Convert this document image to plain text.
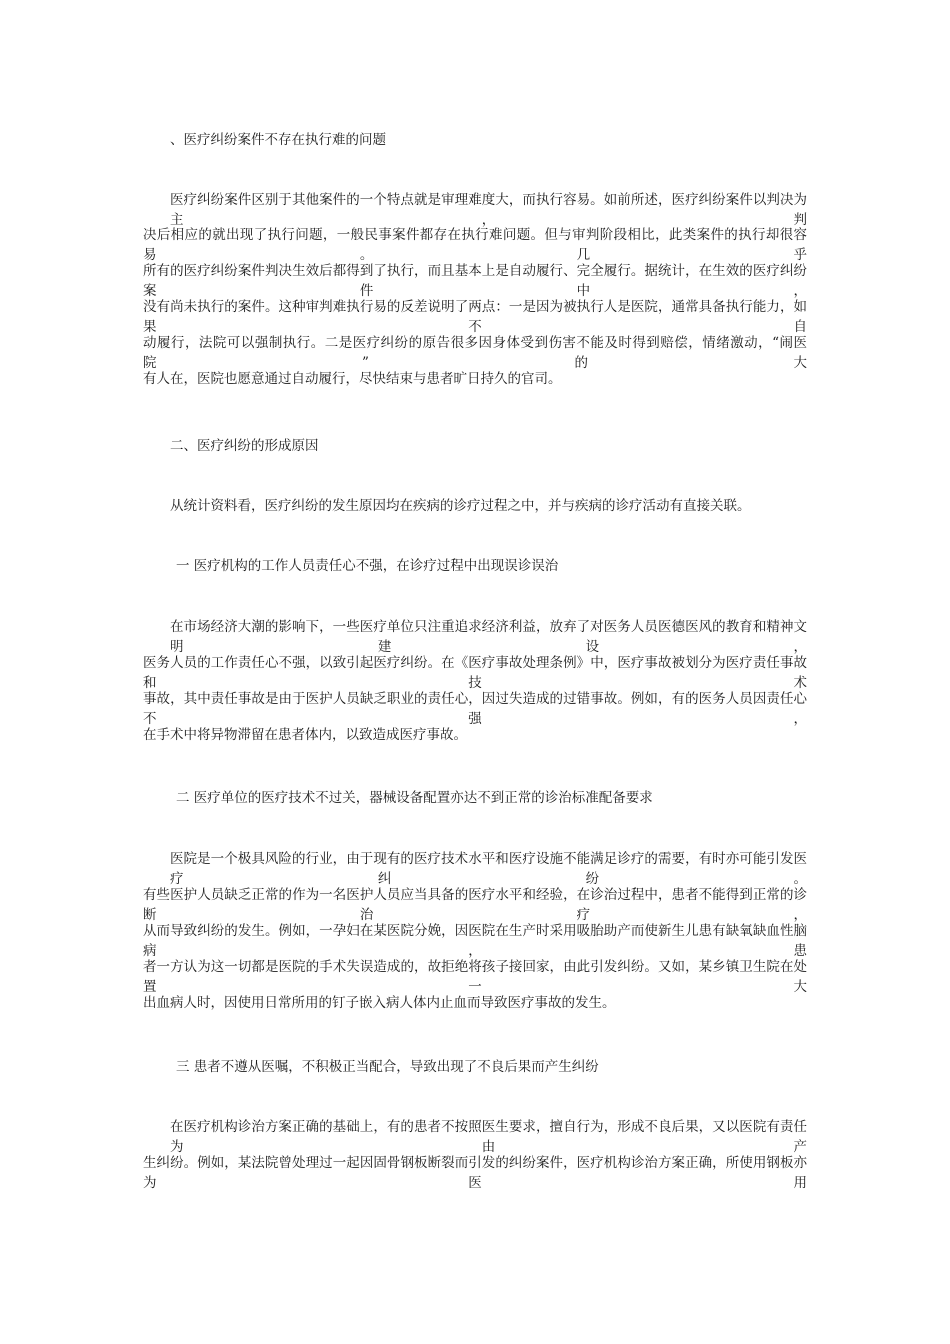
、医疗纠纷案件不存在执行难的问题
医疗纠纷案件区别于其他案件的一个特点就是审理难度大，而执行容易。如前所述，医疗纠纷案件以判决为主，判
决后相应的就出现了执行问题，一般民事案件都存在执行难问题。但与审判阶段相比，此类案件的执行却很容易。几乎
所有的医疗纠纷案件判决生效后都得到了执行，而且基本上是自动履行、完全履行。据统计，在生效的医疗纠纷案件中，
没有尚未执行的案件。这种审判难执行易的反差说明了两点：一是因为被执行人是医院，通常具备执行能力，如果不自
动履行，法院可以强制执行。二是医疗纠纷的原告很多因身体受到伤害不能及时得到赔偿，情绪激动，“闹医院”的大
有人在，医院也愿意通过自动履行，尽快结束与患者旷日持久的官司。
二、医疗纠纷的形成原因
从统计资料看，医疗纠纷的发生原因均在疾病的诊疗过程之中，并与疾病的诊疗活动有直接关联。
一 医疗机构的工作人员责任心不强，在诊疗过程中出现误诊误治
在市场经济大潮的影响下，一些医疗单位只注重追求经济利益，放弃了对医务人员医德医风的教育和精神文明建设，
医务人员的工作责任心不强，以致引起医疗纠纷。在《医疗事故处理条例》中，医疗事故被划分为医疗责任事故和技术
事故，其中责任事故是由于医护人员缺乏职业的责任心，因过失造成的过错事故。例如，有的医务人员因责任心不强，
在手术中将异物滞留在患者体内，以致造成医疗事故。
二 医疗单位的医疗技术不过关，器械设备配置亦达不到正常的诊治标准配备要求
医院是一个极具风险的行业，由于现有的医疗技术水平和医疗设施不能满足诊疗的需要，有时亦可能引发医疗纠纷。
有些医护人员缺乏正常的作为一名医护人员应当具备的医疗水平和经验，在诊治过程中，患者不能得到正常的诊断治疗，
从而导致纠纷的发生。例如，一孕妇在某医院分娩，因医院在生产时采用吸胎助产而使新生儿患有缺氧缺血性脑病，患
者一方认为这一切都是医院的手术失误造成的，故拒绝将孩子接回家，由此引发纠纷。又如，某乡镇卫生院在处置一大
出血病人时，因使用日常所用的钉子嵌入病人体内止血而导致医疗事故的发生。
三 患者不遵从医嘱，不积极正当配合，导致出现了不良后果而产生纠纷
在医疗机构诊治方案正确的基础上，有的患者不按照医生要求，擅自行为，形成不良后果，又以医院有责任为由产
生纠纷。例如，某法院曾处理过一起因固骨钢板断裂而引发的纠纷案件，医疗机构诊治方案正确，所使用钢板亦为医用
